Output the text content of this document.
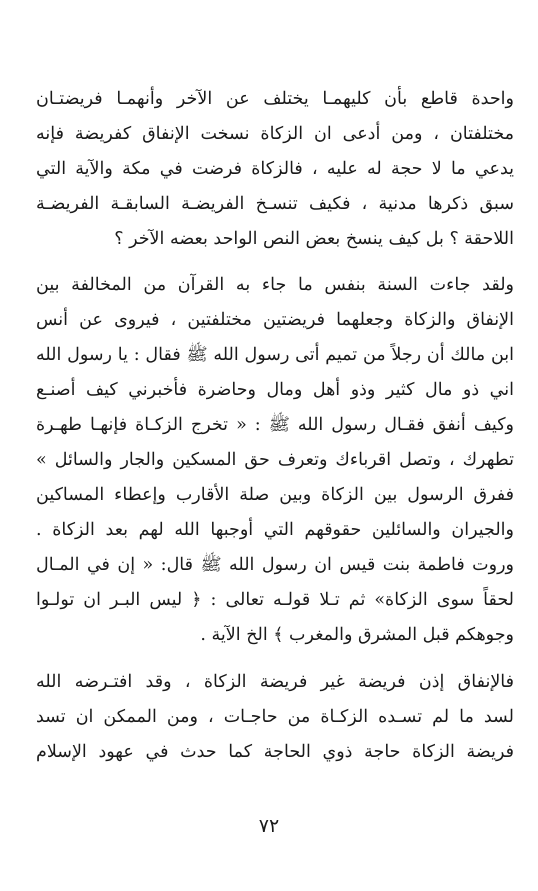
واحدة قاطع بأن كليهمـا يختلف عن الآخر وأنهمـا فريضتـان
مختلفتان ، ومن أدعى ان الزكاة نسخت الإنفاق كفريضة فإنه
يدعي ما لا حجة له عليه ، فالزكاة فرضت في مكة والآية التي
سبق ذكرها مدنية ، فكيف تنسـخ الفريضـة السابقـة الفريضـة
اللاحقة ؟ بل كيف ينسخ بعض النص الواحد بعضه الآخر ؟
ولقد جاءت السنة بنفس ما جاء به القرآن من المخالفة بين
الإنفاق والزكاة وجعلهما فريضتين مختلفتين ، فيروى عن أنس
ابن مالك أن رجلاً من تميم أتى رسول الله ﷺ فقال : يا رسول الله
اني ذو مال كثير وذو أهل ومال وحاضرة فأخبرني كيف أصنـع
وكيف أنفق فقـال رسول الله ﷺ : « تخرج الزكـاة فإنهـا طهـرة
تطهرك ، وتصل اقرباءك وتعرف حق المسكين والجار والسائل »
ففرق الرسول بين الزكاة وبين صلة الأقارب وإعطاء المساكين
والجيران والسائلين حقوقهم التي أوجبها الله لهم بعد الزكاة .
وروت فاطمة بنت قيس ان رسول الله ﷺ قال: « إن في المـال
لحقاً سوى الزكاة» ثم تـلا قولـه تعالى : ﴿ ليس البـر ان تولـوا
وجوهكم قبل المشرق والمغرب ﴾ الخ الآية .
فالإنفاق إذن فريضة غير فريضة الزكاة ، وقد افتـرضه الله
لسد ما لم تسـده الزكـاة من حاجـات ، ومن الممكن ان تسد
فريضة الزكاة حاجة ذوي الحاجة كما حدث في عهود الإسلام
٧٢
